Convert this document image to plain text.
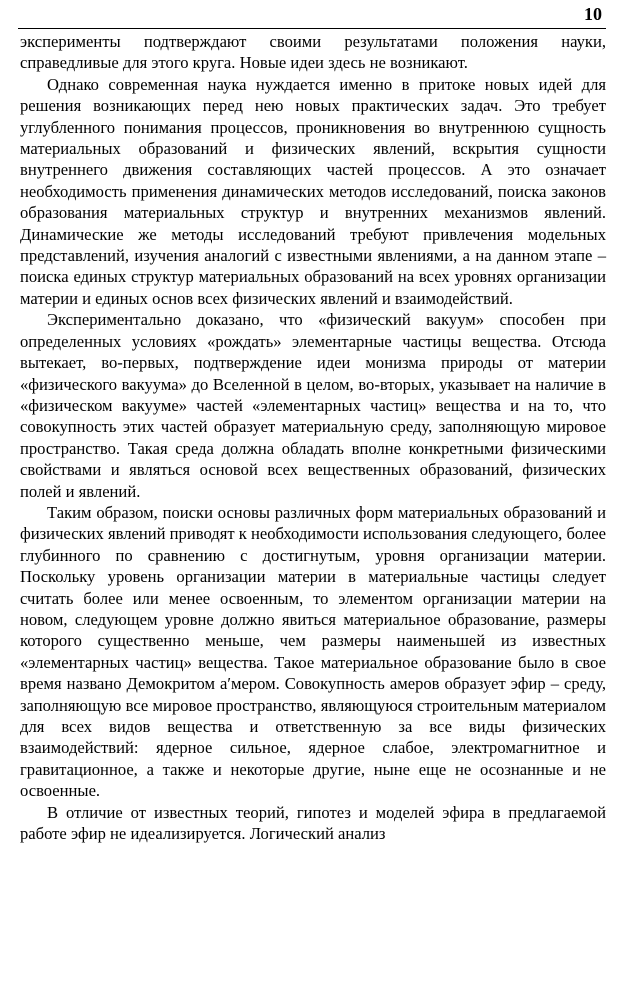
10

эксперименты подтверждают своими результатами положения науки, справедливые для этого круга. Новые идеи здесь не возникают.

Однако современная наука нуждается именно в притоке новых идей для решения возникающих перед нею новых практических задач. Это требует углубленного понимания процессов, проникновения во внутреннюю сущность материальных образований и физических явлений, вскрытия сущности внутреннего движения составляющих частей процессов. А это означает необходимость применения динамических методов исследований, поиска законов образования материальных структур и внутренних механизмов явлений. Динамические же методы исследований требуют привлечения модельных представлений, изучения аналогий с известными явлениями, а на данном этапе – поиска единых структур материальных образований на всех уровнях организации материи и единых основ всех физических явлений и взаимодействий.

Экспериментально доказано, что «физический вакуум» способен при определенных условиях «рождать» элементарные частицы вещества. Отсюда вытекает, во-первых, подтверждение идеи монизма природы от материи «физического вакуума» до Вселенной в целом, во-вторых, указывает на наличие в «физическом вакууме» частей «элементарных частиц» вещества и на то, что совокупность этих частей образует материальную среду, заполняющую мировое пространство. Такая среда должна обладать вполне конкретными физическими свойствами и являться основой всех вещественных образований, физических полей и явлений.

Таким образом, поиски основы различных форм материальных образований и физических явлений приводят к необходимости использования следующего, более глубинного по сравнению с достигнутым, уровня организации материи. Поскольку уровень организации материи в материальные частицы следует считать более или менее освоенным, то элементом организации материи на новом, следующем уровне должно явиться материальное образование, размеры которого существенно меньше, чем размеры наименьшей из известных «элементарных частиц» вещества. Такое материальное образование было в свое время названо Демокритом а′мером. Совокупность амеров образует эфир – среду, заполняющую все мировое пространство, являющуюся строительным материалом для всех видов вещества и ответственную за все виды физических взаимодействий: ядерное сильное, ядерное слабое, электромагнитное и гравитационное, а также и некоторые другие, ныне еще не осознанные и не освоенные.

В отличие от известных теорий, гипотез и моделей эфира в предлагаемой работе эфир не идеализируется. Логический анализ
